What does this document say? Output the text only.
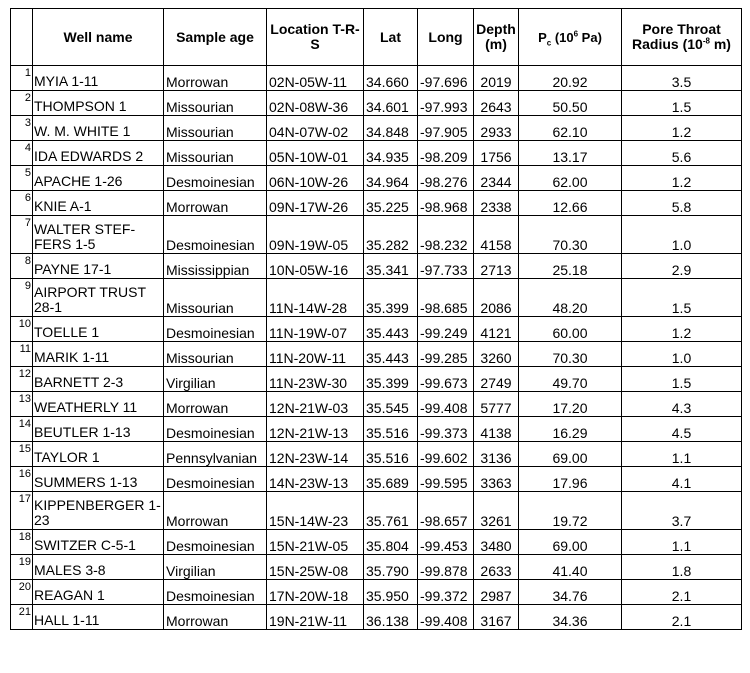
	Well name	Sample age	Location T-R-S	Lat	Long	Depth (m)	$P_c$ ($10^6$ Pa)	Pore Throat Radius ($10^{-8}$ m)
1	MYIA 1-11	Morrowan	02N-05W-11	34.660	-97.696	2019	20.92	3.5
2	THOMPSON 1	Missourian	02N-08W-36	34.601	-97.993	2643	50.50	1.5
3	W. M. WHITE 1	Missourian	04N-07W-02	34.848	-97.905	2933	62.10	1.2
4	IDA EDWARDS 2	Missourian	05N-10W-01	34.935	-98.209	1756	13.17	5.6
5	APACHE 1-26	Desmoinesian	06N-10W-26	34.964	-98.276	2344	62.00	1.2
6	KNIE A-1	Morrowan	09N-17W-26	35.225	-98.968	2338	12.66	5.8
7	WALTER STEF-FERS 1-5	Desmoinesian	09N-19W-05	35.282	-98.232	4158	70.30	1.0
8	PAYNE 17-1	Mississippian	10N-05W-16	35.341	-97.733	2713	25.18	2.9
9	AIRPORT TRUST 28-1	Missourian	11N-14W-28	35.399	-98.685	2086	48.20	1.5
10	TOELLE 1	Desmoinesian	11N-19W-07	35.443	-99.249	4121	60.00	1.2
11	MARIK 1-11	Missourian	11N-20W-11	35.443	-99.285	3260	70.30	1.0
12	BARNETT 2-3	Virgilian	11N-23W-30	35.399	-99.673	2749	49.70	1.5
13	WEATHERLY 11	Morrowan	12N-21W-03	35.545	-99.408	5777	17.20	4.3
14	BEUTLER 1-13	Desmoinesian	12N-21W-13	35.516	-99.373	4138	16.29	4.5
15	TAYLOR 1	Pennsylvanian	12N-23W-14	35.516	-99.602	3136	69.00	1.1
16	SUMMERS 1-13	Desmoinesian	14N-23W-13	35.689	-99.595	3363	17.96	4.1
17	KIPPENBERGER 1-23	Morrowan	15N-14W-23	35.761	-98.657	3261	19.72	3.7
18	SWITZER C-5-1	Desmoinesian	15N-21W-05	35.804	-99.453	3480	69.00	1.1
19	MALES 3-8	Virgilian	15N-25W-08	35.790	-99.878	2633	41.40	1.8
20	REAGAN 1	Desmoinesian	17N-20W-18	35.950	-99.372	2987	34.76	2.1
21	HALL 1-11	Morrowan	19N-21W-11	36.138	-99.408	3167	34.36	2.1
